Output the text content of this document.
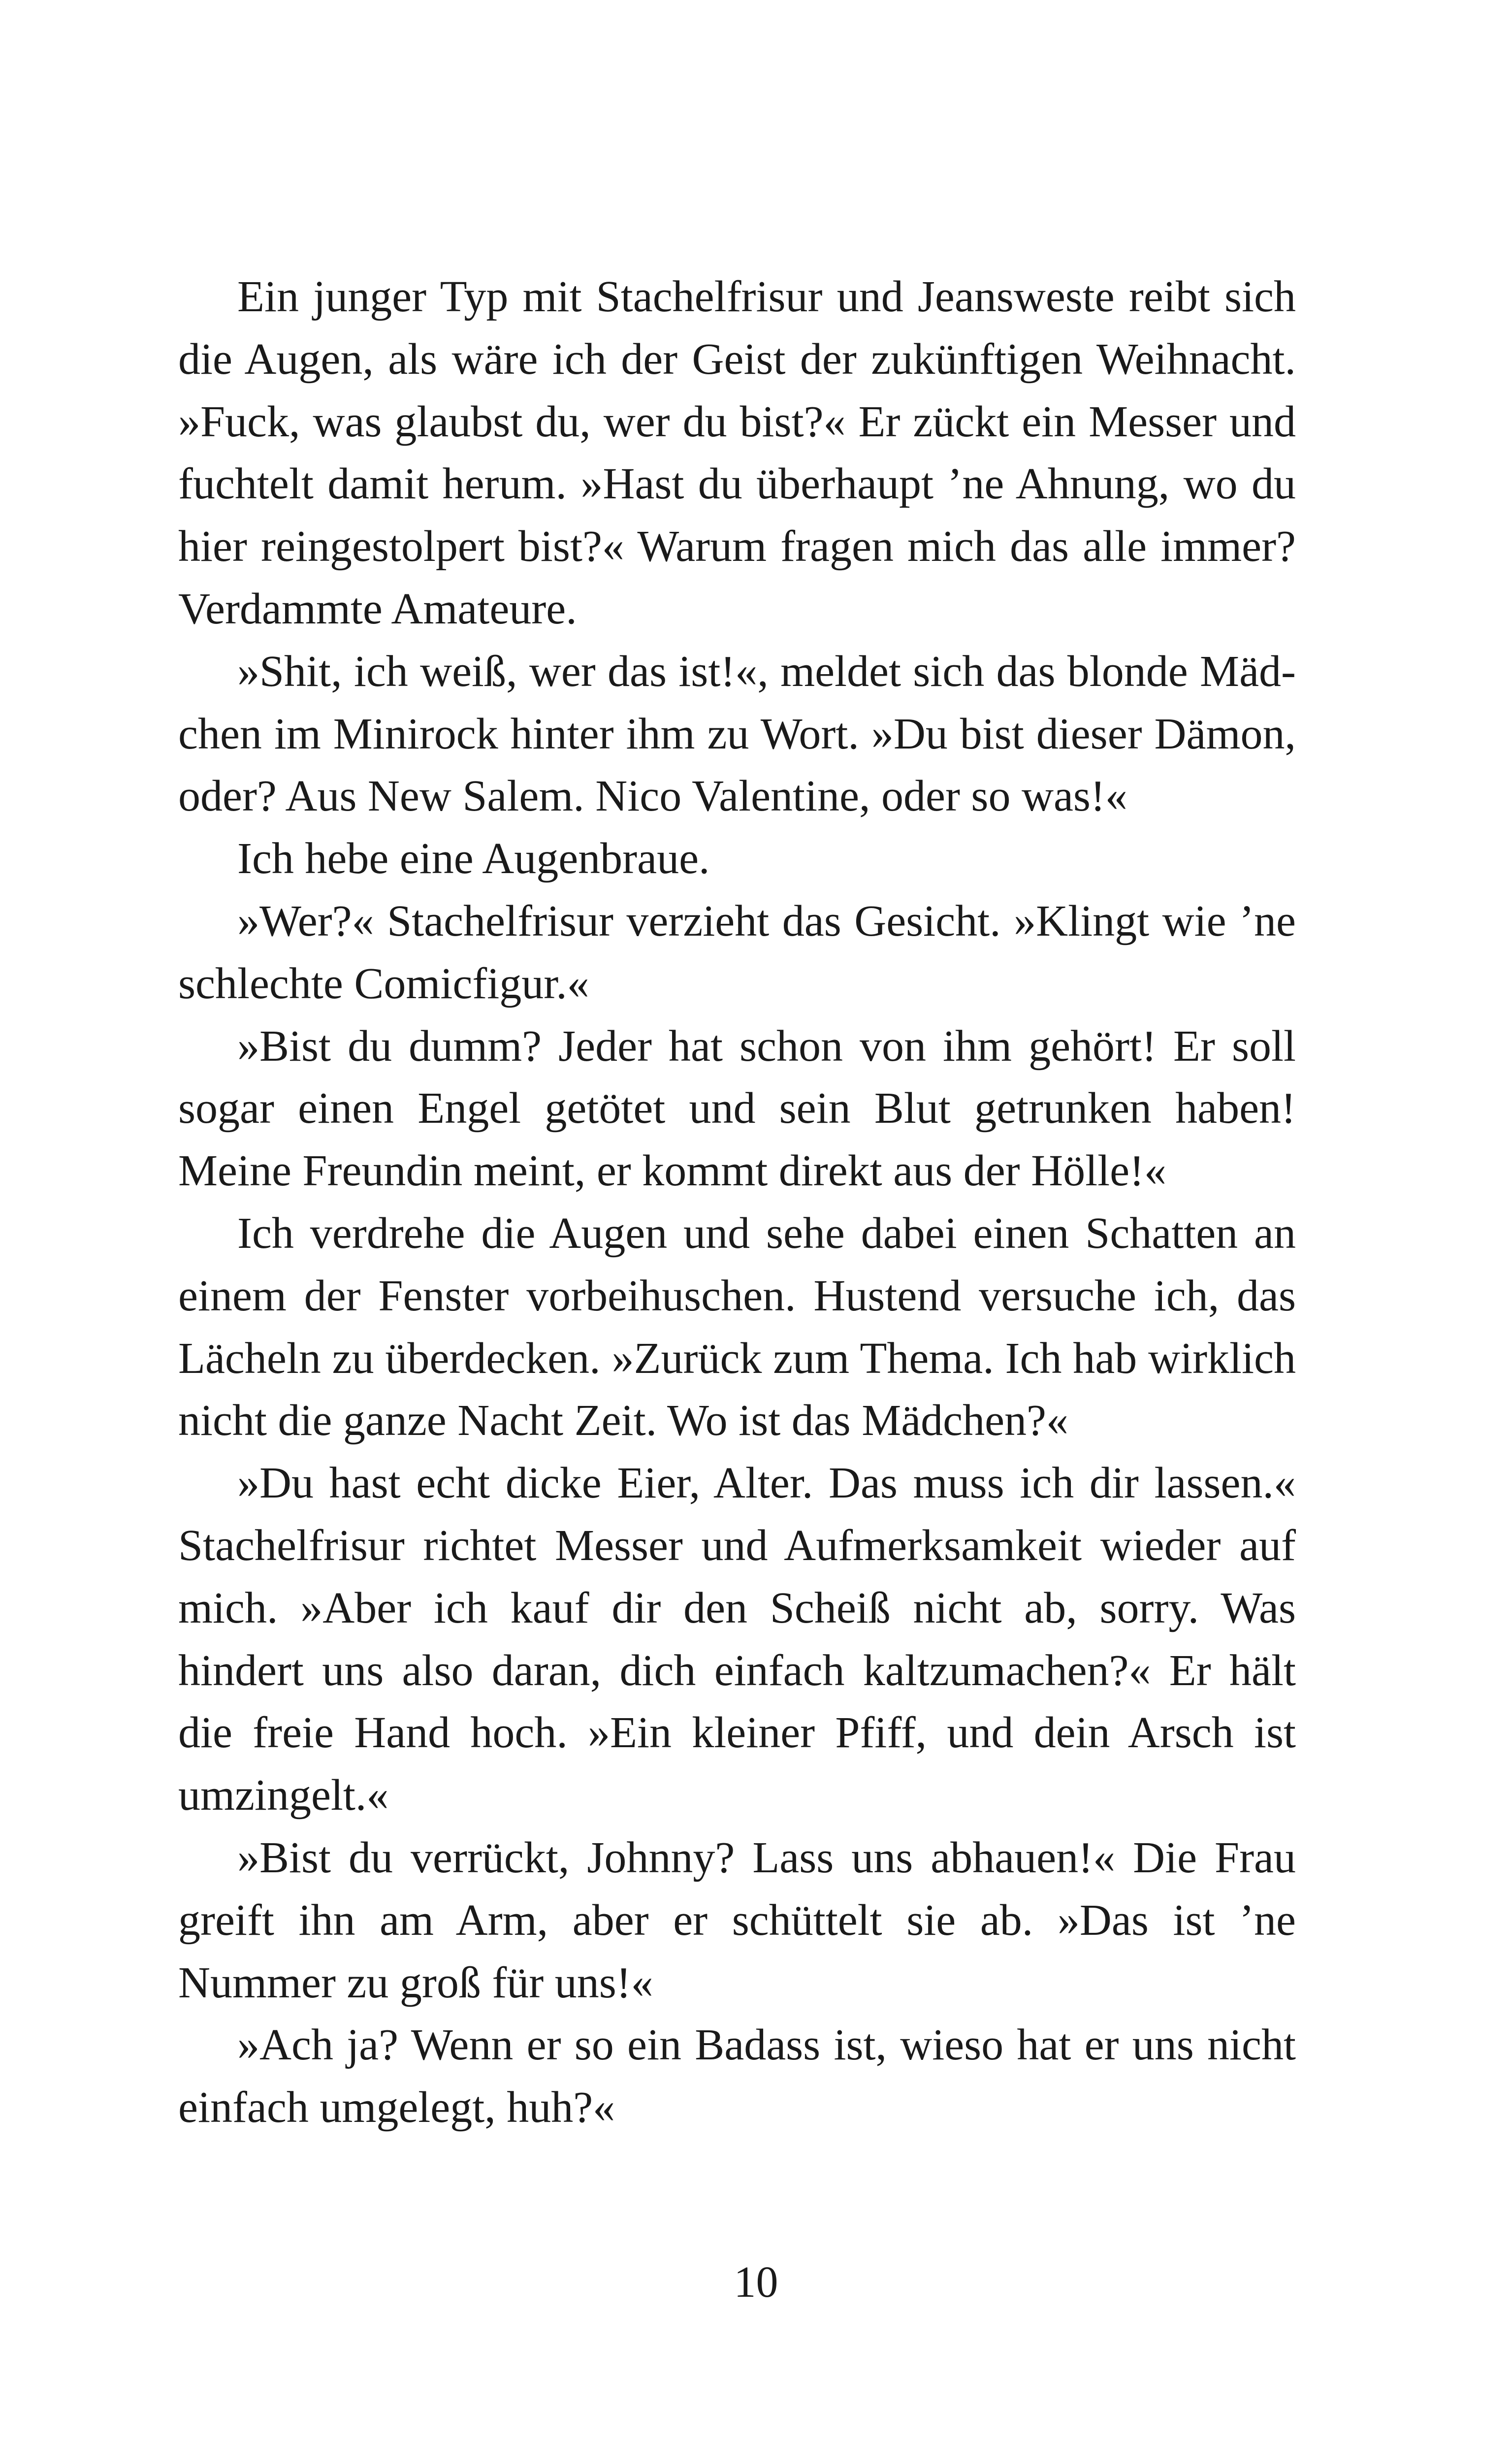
Ein junger Typ mit Stachelfrisur und Jeansweste reibt sich die Augen, als wäre ich der Geist der zukünftigen Weihnacht. »Fuck, was glaubst du, wer du bist?« Er zückt ein Messer und fuchtelt damit herum. »Hast du überhaupt ’ne Ahnung, wo du hier reingestolpert bist?« Warum fragen mich das alle immer? Verdammte Amateure.

»Shit, ich weiß, wer das ist!«, meldet sich das blonde Mädchen im Minirock hinter ihm zu Wort. »Du bist dieser Dämon, oder? Aus New Salem. Nico Valentine, oder so was!«

Ich hebe eine Augenbraue.

»Wer?« Stachelfrisur verzieht das Gesicht. »Klingt wie ’ne schlechte Comicfigur.«

»Bist du dumm? Jeder hat schon von ihm gehört! Er soll sogar einen Engel getötet und sein Blut getrunken haben! Meine Freundin meint, er kommt direkt aus der Hölle!«

Ich verdrehe die Augen und sehe dabei einen Schatten an einem der Fenster vorbeihuschen. Hustend versuche ich, das Lächeln zu überdecken. »Zurück zum Thema. Ich hab wirklich nicht die ganze Nacht Zeit. Wo ist das Mädchen?«

»Du hast echt dicke Eier, Alter. Das muss ich dir lassen.« Stachelfrisur richtet Messer und Aufmerksamkeit wieder auf mich. »Aber ich kauf dir den Scheiß nicht ab, sorry. Was hindert uns also daran, dich einfach kaltzumachen?« Er hält die freie Hand hoch. »Ein kleiner Pfiff, und dein Arsch ist umzingelt.«

»Bist du verrückt, Johnny? Lass uns abhauen!« Die Frau greift ihn am Arm, aber er schüttelt sie ab. »Das ist ’ne Nummer zu groß für uns!«

»Ach ja? Wenn er so ein Badass ist, wieso hat er uns nicht einfach umgelegt, huh?«

10
